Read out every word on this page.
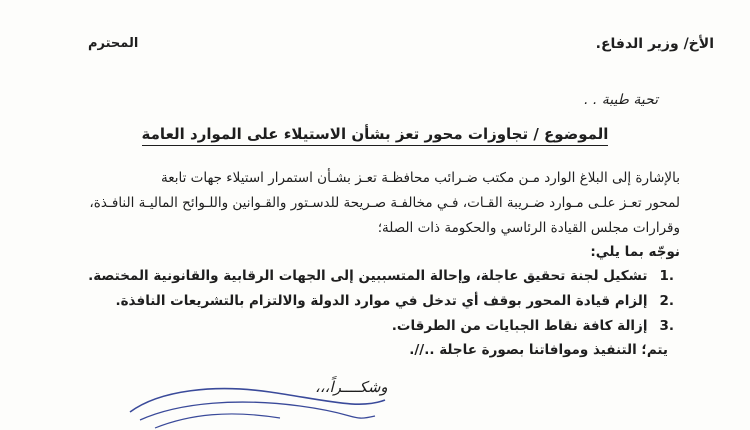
الأخ/ وزير الدفاع.
المحترم
تحية طيبة . .
الموضوع / تجاوزات محور تعز بشأن الاستيلاء على الموارد العامة
بالإشارة إلى البلاغ الوارد مـن مكتب ضـرائب محافظـة تعـز بشـأن استمرار استيلاء جهات تابعة
لمحور تعـز علـى مـوارد ضـريبة القـات، فـي مخالفـة صـريحة للدسـتور والقـوانين واللـوائح الماليـة النافـذة،
وقرارات مجلس القيادة الرئاسي والحكومة ذات الصلة؛
نوجّه بما يلي:
.1تشكيل لجنة تحقيق عاجلة، وإحالة المتسببين إلى الجهات الرقابية والقانونية المختصة.
.2إلزام قيادة المحور بوقف أي تدخل في موارد الدولة والالتزام بالتشريعات النافذة.
.3إزالة كافة نقاط الجبايات من الطرقات.
يتم؛ التنفيذ وموافاتنا بصورة عاجلة ..//.
وشكــــراً،،،
